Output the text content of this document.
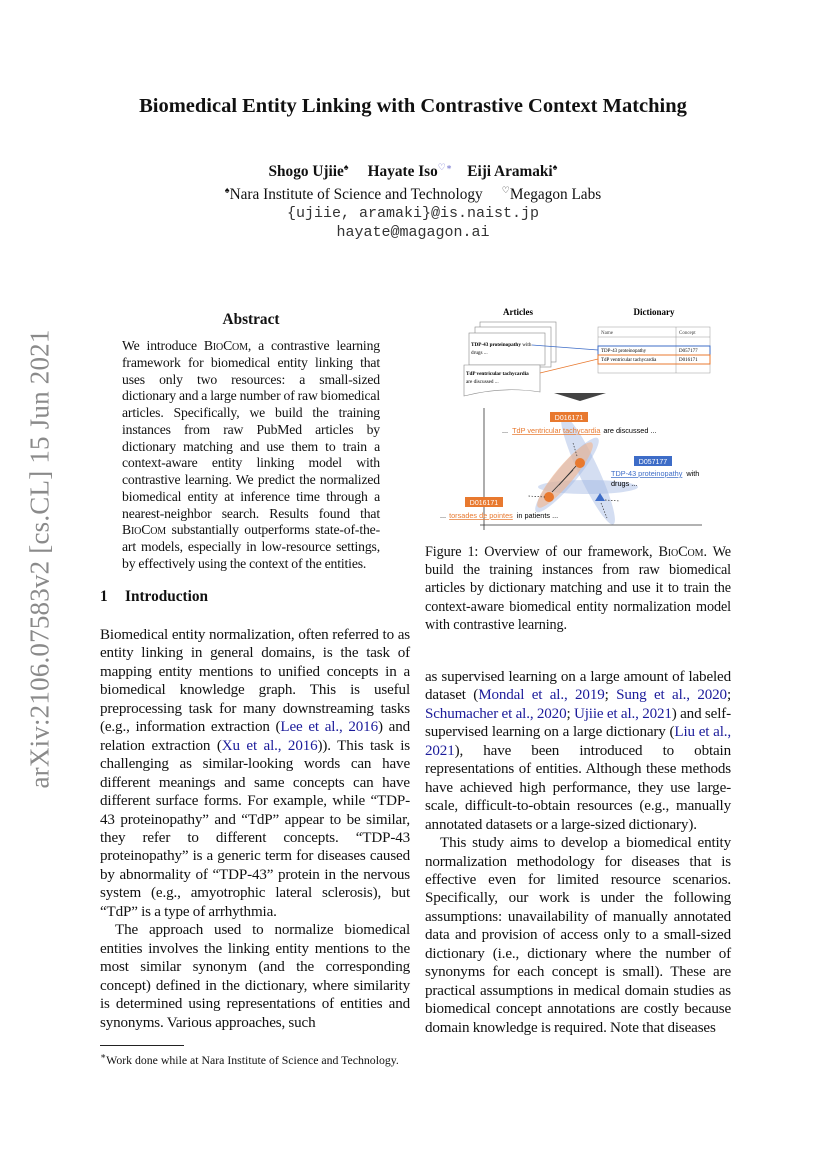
arXiv:2106.07583v2 [cs.CL] 15 Jun 2021
Biomedical Entity Linking with Contrastive Context Matching
Shogo Ujiie♠ Hayate Iso♡∗ Eiji Aramaki♠
♠Nara Institute of Science and Technology ♡Megagon Labs
{ujiie, aramaki}@is.naist.jp
hayate@magagon.ai
Abstract
We introduce BioCom, a contrastive learning framework for biomedical entity linking that uses only two resources: a small-sized dictionary and a large number of raw biomedical articles. Specifically, we build the training instances from raw PubMed articles by dictionary matching and use them to train a context-aware entity linking model with contrastive learning. We predict the normalized biomedical entity at inference time through a nearest-neighbor search. Results found that BioCom substantially outperforms state-of-the-art models, especially in low-resource settings, by effectively using the context of the entities.
1 Introduction

Biomedical entity normalization, often referred to as entity linking in general domains, is the task of mapping entity mentions to unified concepts in a biomedical knowledge graph. This is useful preprocessing task for many downstreaming tasks (e.g., information extraction (Lee et al., 2016) and relation extraction (Xu et al., 2016)). This task is challenging as similar-looking words can have different meanings and same concepts can have different surface forms. For example, while “TDP-43 proteinopathy” and “TdP” appear to be similar, they refer to different concepts. “TDP-43 proteinopathy” is a generic term for diseases caused by abnormality of “TDP-43” protein in the nervous system (e.g., amyotrophic lateral sclerosis), but “TdP” is a type of arrhythmia.

The approach used to normalize biomedical entities involves the linking entity mentions to the most similar synonym (and the corresponding concept) defined in the dictionary, where similarity is determined using representations of entities and synonyms. Various approaches, such

as supervised learning on a large amount of labeled dataset (Mondal et al., 2019; Sung et al., 2020; Schumacher et al., 2020; Ujiie et al., 2021) and self-supervised learning on a large dictionary (Liu et al., 2021), have been introduced to obtain representations of entities. Although these methods have achieved high performance, they use large-scale, difficult-to-obtain resources (e.g., manually annotated datasets or a large-sized dictionary).

This study aims to develop a biomedical entity normalization methodology for diseases that is effective even for limited resource scenarios. Specifically, our work is under the following assumptions: unavailability of manually annotated data and provision of access only to a small-sized dictionary (i.e., dictionary where the number of synonyms for each concept is small). These are practical assumptions in medical domain studies as biomedical concept annotations are costly because domain knowledge is required. Note that diseases

Articles	Dictionary
TDP-43 proteinopathy with
drugs ...
TdP ventricular tachycardia
are discussed ...
Name	Concept
TDP-43 proteinopathy	D057177
TdP ventricular tachycardia	D016171
D016171
... TdP ventricular tachycardia are discussed ...
D057177
TDP-43 proteinopathy with
drugs ...
D016171
... torsades de pointes in patients ...
Figure 1: Overview of our framework, BioCom. We build the training instances from raw biomedical articles by dictionary matching and use it to train the context-aware biomedical entity normalization model with contrastive learning.
∗Work done while at Nara Institute of Science and Technology.
